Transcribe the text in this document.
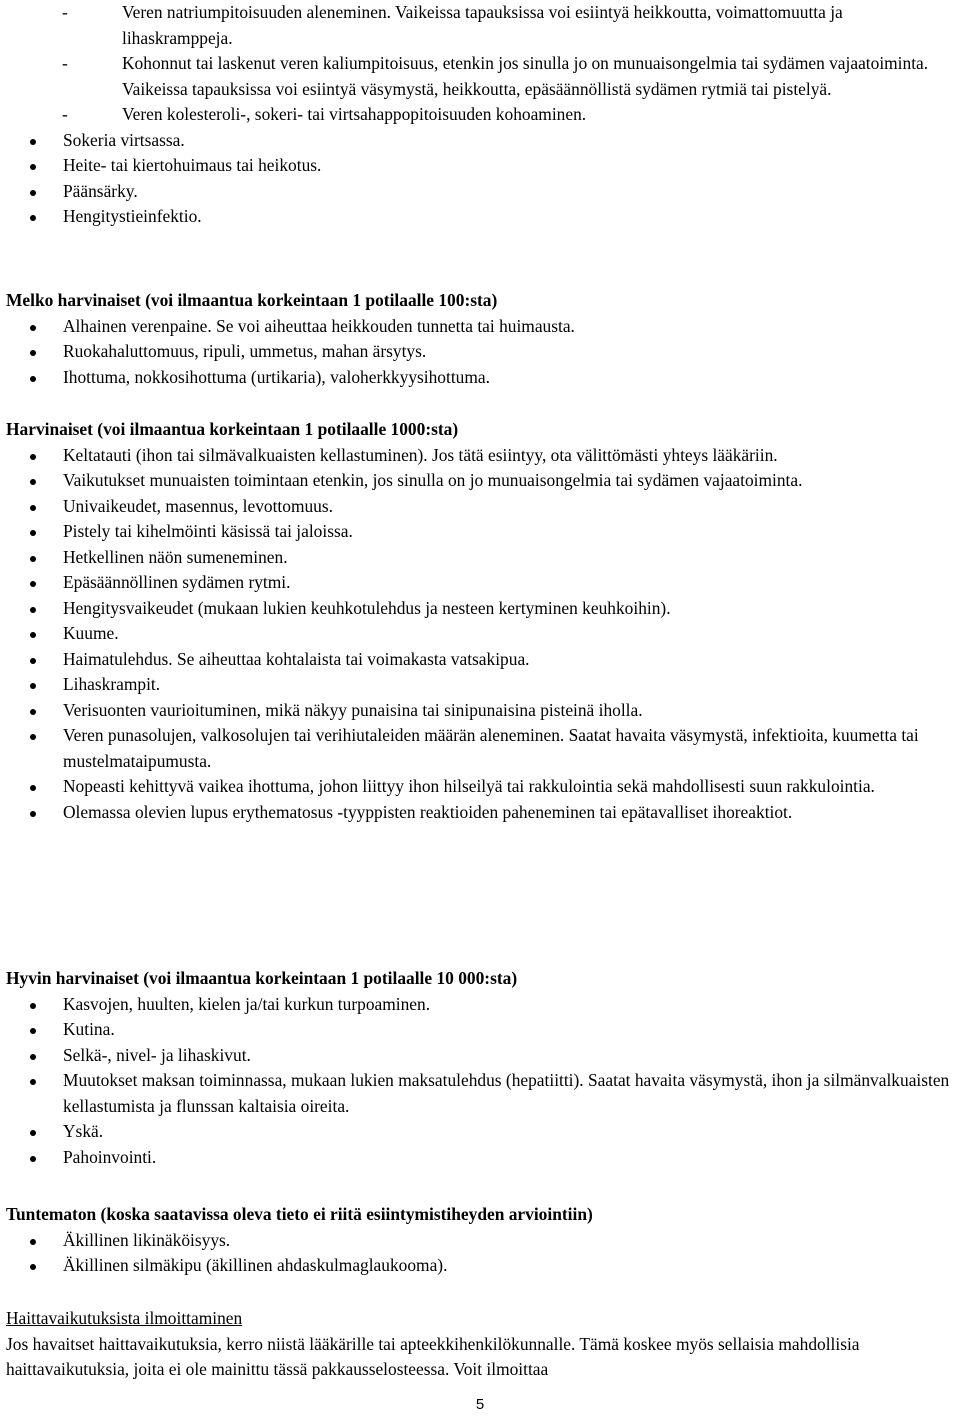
-	Veren natriumpitoisuuden aleneminen. Vaikeissa tapauksissa voi esiintyä heikkoutta, voimattomuutta ja lihaskramppeja.
-	Kohonnut tai laskenut veren kaliumpitoisuus, etenkin jos sinulla jo on munuaisongelmia tai sydämen vajaatoiminta. Vaikeissa tapauksissa voi esiintyä väsymystä, heikkoutta, epäsäännöllistä sydämen rytmiä tai pistelyä.
-	Veren kolesteroli-, sokeri- tai virtsahappopitoisuuden kohoaminen.
Sokeria virtsassa.
Heite- tai kiertohuimaus tai heikotus.
Päänsärky.
Hengitystieinfektio.
Melko harvinaiset (voi ilmaantua korkeintaan 1 potilaalle 100:sta)
Alhainen verenpaine. Se voi aiheuttaa heikkouden tunnetta tai huimausta.
Ruokahaluttomuus, ripuli, ummetus, mahan ärsytys.
Ihottuma, nokkosihottuma (urtikaria), valoherkkyysihottuma.
Harvinaiset (voi ilmaantua korkeintaan 1 potilaalle 1000:sta)
Keltatauti (ihon tai silmävalkuaisten kellastuminen). Jos tätä esiintyy, ota välittömästi yhteys lääkäriin.
Vaikutukset munuaisten toimintaan etenkin, jos sinulla on jo munuaisongelmia tai sydämen vajaatoiminta.
Univaikeudet, masennus, levottomuus.
Pistely tai kihelmöinti käsissä tai jaloissa.
Hetkellinen näön sumeneminen.
Epäsäännöllinen sydämen rytmi.
Hengitysvaikeudet (mukaan lukien keuhkotulehdus ja nesteen kertyminen keuhkoihin).
Kuume.
Haimatulehdus. Se aiheuttaa kohtalaista tai voimakasta vatsakipua.
Lihaskrampit.
Verisuonten vaurioituminen, mikä näkyy punaisina tai sinipunaisina pisteinä iholla.
Veren punasolujen, valkosolujen tai verihiutaleiden määrän aleneminen. Saatat havaita väsymystä, infektioita, kuumetta tai mustelmataipumusta.
Nopeasti kehittyvä vaikea ihottuma, johon liittyy ihon hilseilyä tai rakkulointia sekä mahdollisesti suun rakkulointia.
Olemassa olevien lupus erythematosus -tyyppisten reaktioiden paheneminen tai epätavalliset ihoreaktiot.
Hyvin harvinaiset (voi ilmaantua korkeintaan 1 potilaalle 10 000:sta)
Kasvojen, huulten, kielen ja/tai kurkun turpoaminen.
Kutina.
Selkä-, nivel- ja lihaskivut.
Muutokset maksan toiminnassa, mukaan lukien maksatulehdus (hepatiitti). Saatat havaita väsymystä, ihon ja silmänvalkuaisten kellastumista ja flunssan kaltaisia oireita.
Yskä.
Pahoinvointi.
Tuntematon (koska saatavissa oleva tieto ei riitä esiintymistiheyden arviointiin)
Äkillinen likinäköisyys.
Äkillinen silmäkipu (äkillinen ahdaskulmaglaukooma).
Haittavaikutuksista ilmoittaminen
Jos havaitset haittavaikutuksia, kerro niistä lääkärille tai apteekkihenkilökunnalle. Tämä koskee myös sellaisia mahdollisia haittavaikutuksia, joita ei ole mainittu tässä pakkausselosteessa. Voit ilmoittaa
5
